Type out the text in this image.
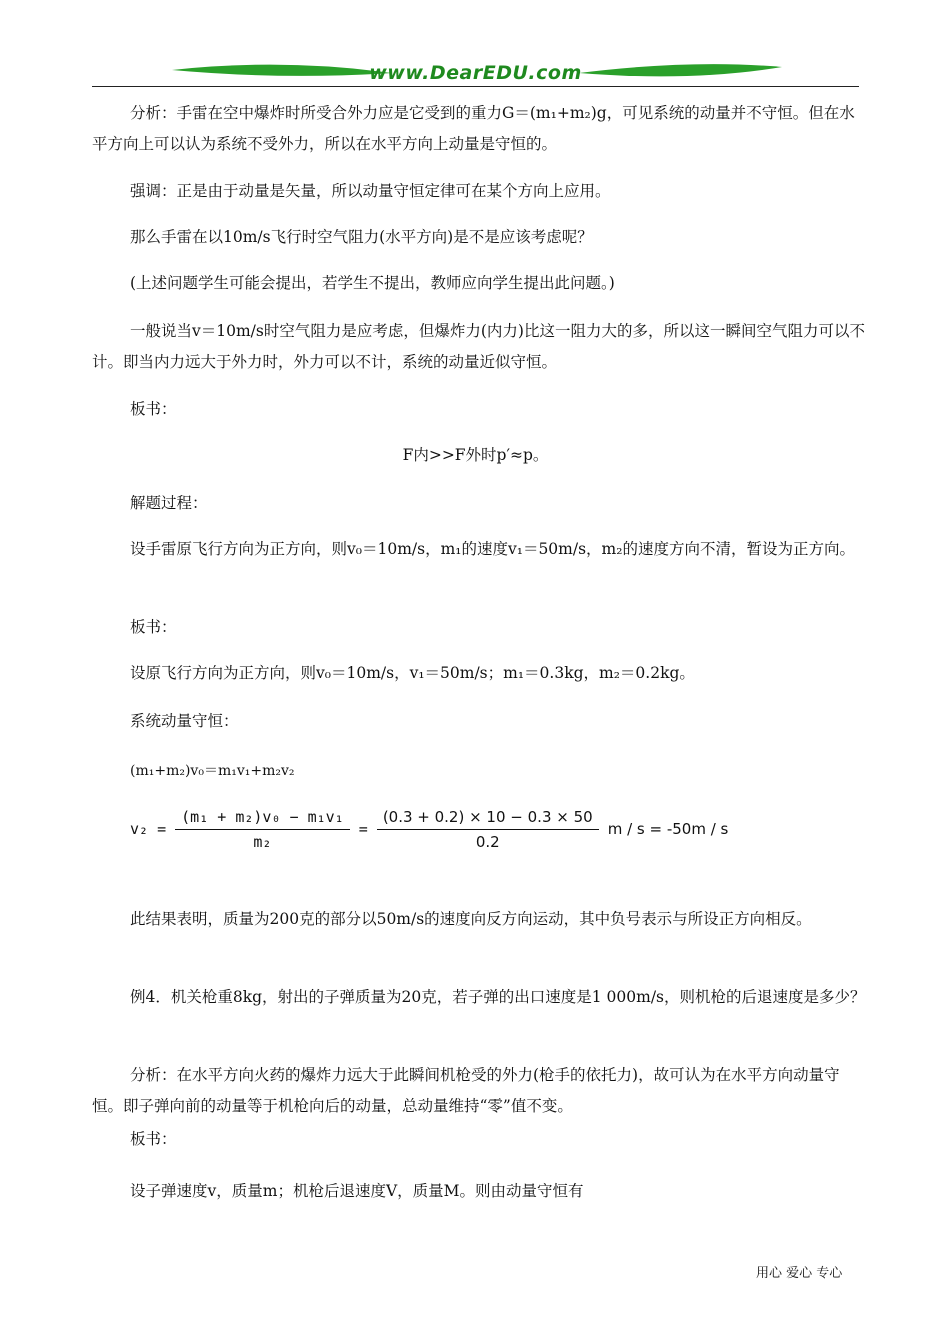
www.DearEDU.com

分析：手雷在空中爆炸时所受合外力应是它受到的重力G＝(m₁+m₂)g，可见系统的动量并不守恒。但在水平方向上可以认为系统不受外力，所以在水平方向上动量是守恒的。

强调：正是由于动量是矢量，所以动量守恒定律可在某个方向上应用。

那么手雷在以10m/s飞行时空气阻力(水平方向)是不是应该考虑呢？

(上述问题学生可能会提出，若学生不提出，教师应向学生提出此问题。)

一般说当v＝10m/s时空气阻力是应考虑，但爆炸力(内力)比这一阻力大的多，所以这一瞬间空气阻力可以不计。即当内力远大于外力时，外力可以不计，系统的动量近似守恒。

板书：

F内>>F外时p′≈p。

解题过程：

设手雷原飞行方向为正方向，则v₀＝10m/s，m₁的速度v₁＝50m/s，m₂的速度方向不清，暂设为正方向。

板书：

设原飞行方向为正方向，则v₀＝10m/s，v₁＝50m/s；m₁＝0.3kg，m₂＝0.2kg。

系统动量守恒：

(m₁+m₂)v₀＝m₁v₁+m₂v₂

$v_2 = \frac{\text{(m₁ + m₂)v₀ − m₁v₁}}{\text{m₂}} = \frac{(0.3 + 0.2) \times 10 - 0.3 \times 50}{0.2}$ m / s = -50m / s

此结果表明，质量为200克的部分以50m/s的速度向反方向运动，其中负号表示与所设正方向相反。

例4．机关枪重8kg，射出的子弹质量为20克，若子弹的出口速度是1 000m/s，则机枪的后退速度是多少？

分析：在水平方向火药的爆炸力远大于此瞬间机枪受的外力(枪手的依托力)，故可认为在水平方向动量守恒。即子弹向前的动量等于机枪向后的动量，总动量维持“零”值不变。

板书：

设子弹速度v，质量m；机枪后退速度V，质量M。则由动量守恒有

用心 爱心 专心
